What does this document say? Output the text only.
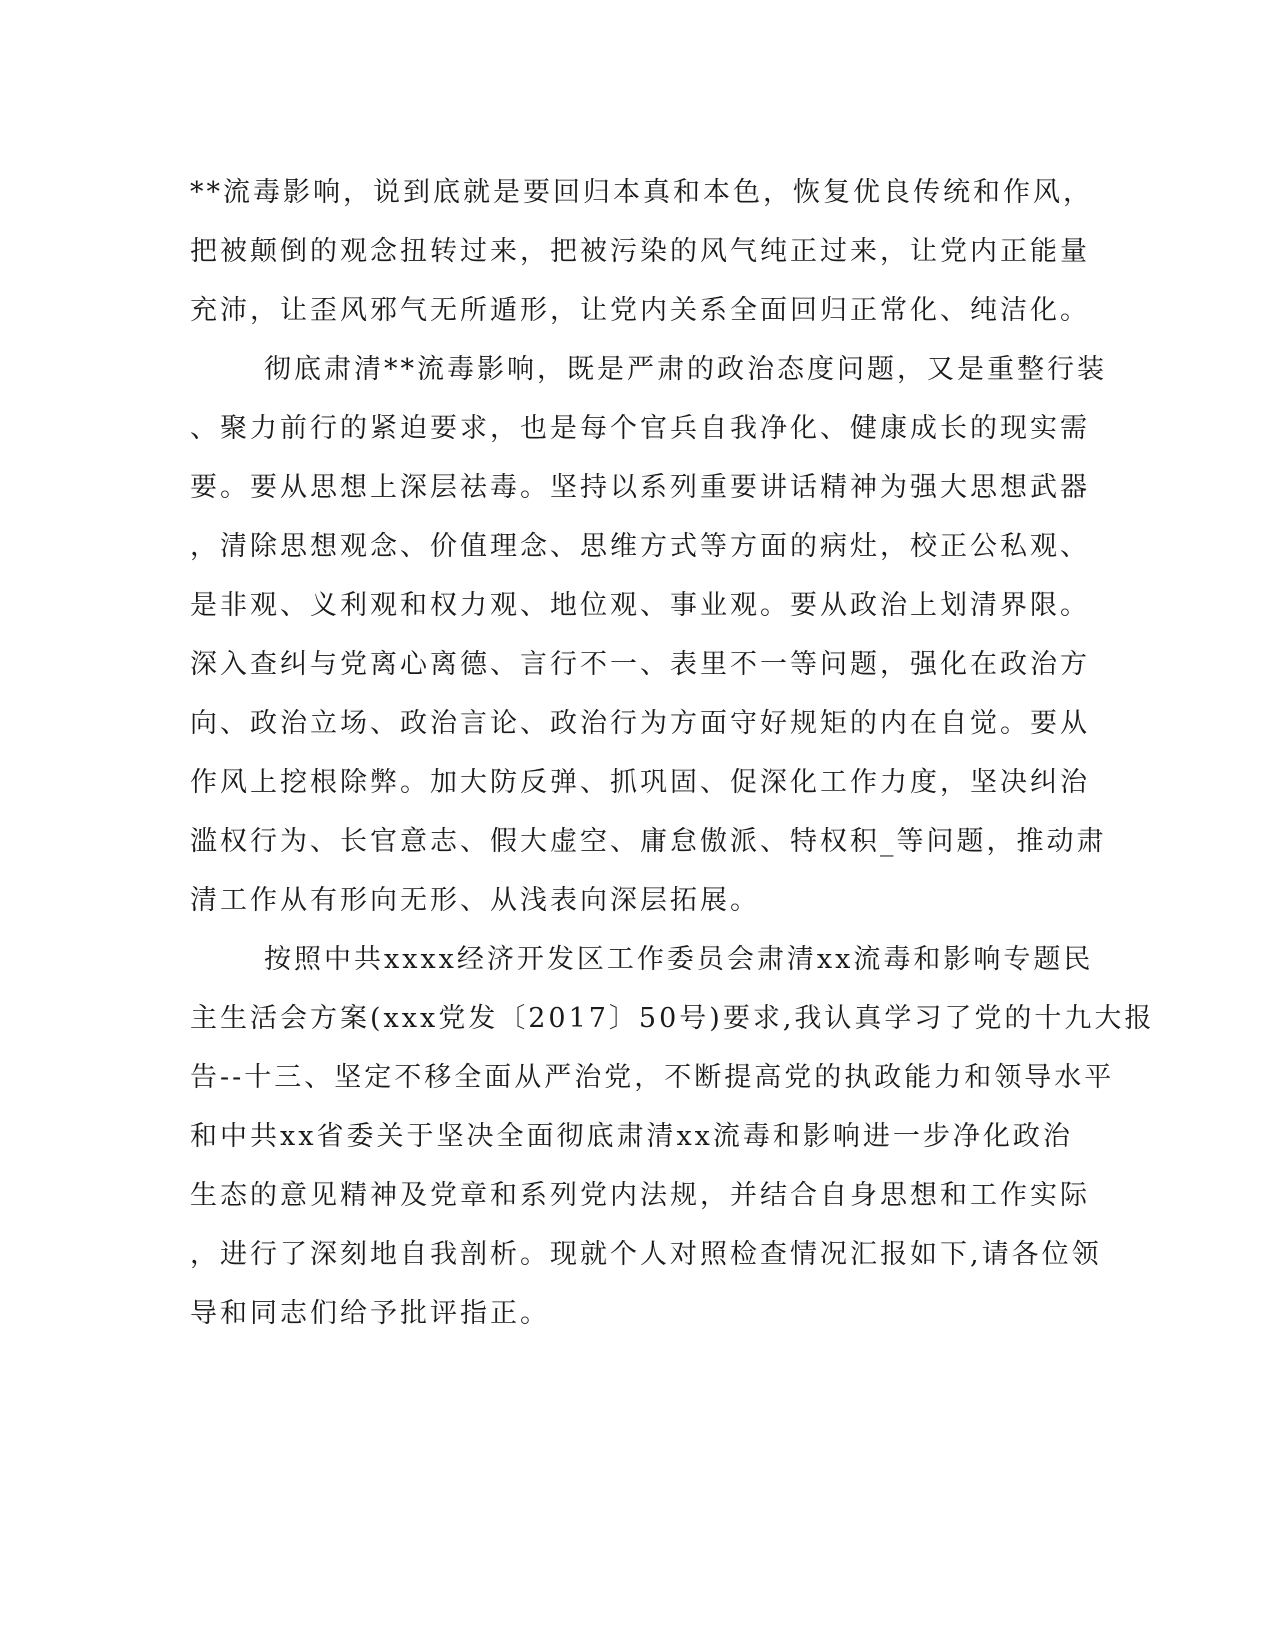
**流毒影响，说到底就是要回归本真和本色，恢复优良传统和作风，
把被颠倒的观念扭转过来，把被污染的风气纯正过来，让党内正能量
充沛，让歪风邪气无所遁形，让党内关系全面回归正常化、纯洁化。
彻底肃清**流毒影响，既是严肃的政治态度问题，又是重整行装
、聚力前行的紧迫要求，也是每个官兵自我净化、健康成长的现实需
要。要从思想上深层祛毒。坚持以系列重要讲话精神为强大思想武器
，清除思想观念、价值理念、思维方式等方面的病灶，校正公私观、
是非观、义利观和权力观、地位观、事业观。要从政治上划清界限。
深入查纠与党离心离德、言行不一、表里不一等问题，强化在政治方
向、政治立场、政治言论、政治行为方面守好规矩的内在自觉。要从
作风上挖根除弊。加大防反弹、抓巩固、促深化工作力度，坚决纠治
滥权行为、长官意志、假大虚空、庸怠傲派、特权积_等问题，推动肃
清工作从有形向无形、从浅表向深层拓展。
按照中共xxxx经济开发区工作委员会肃清xx流毒和影响专题民
主生活会方案(xxx党发〔2017〕50号)要求,我认真学习了党的十九大报
告--十三、坚定不移全面从严治党，不断提高党的执政能力和领导水平
和中共xx省委关于坚决全面彻底肃清xx流毒和影响进一步净化政治
生态的意见精神及党章和系列党内法规，并结合自身思想和工作实际
，进行了深刻地自我剖析。现就个人对照检查情况汇报如下,请各位领
导和同志们给予批评指正。
